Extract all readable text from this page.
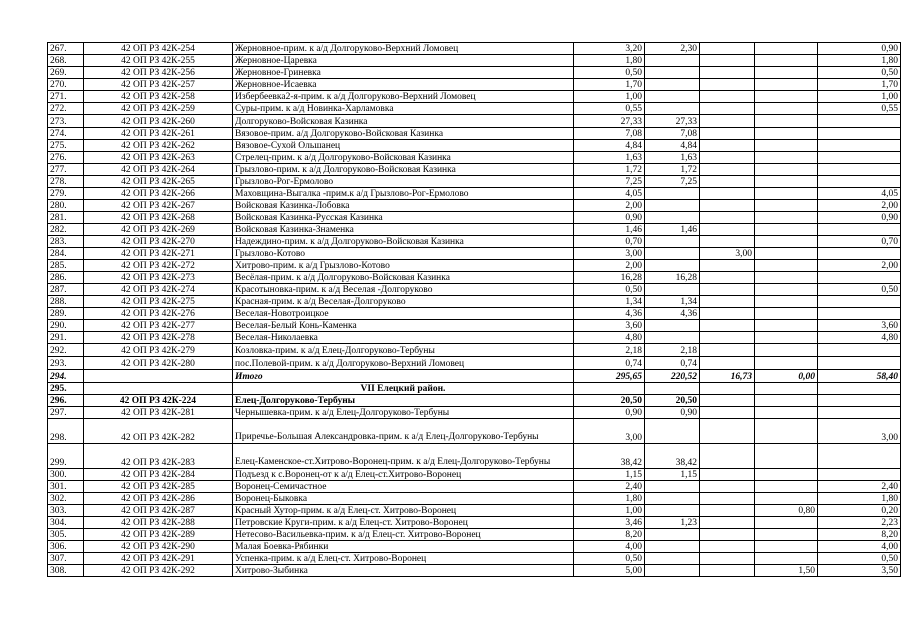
267.	42 ОП РЗ 42К-254	Жерновное-прим. к а/д Долгоруково-Верхний Ломовец	3,20	2,30			0,90
268.	42 ОП РЗ 42К-255	Жерновное-Царевка	1,80				1,80
269.	42 ОП РЗ 42К-256	Жерновное-Гриневка	0,50				0,50
270.	42 ОП РЗ 42К-257	Жерновное-Исаевка	1,70				1,70
271.	42 ОП РЗ 42К-258	Избербеевка2-я-прим. к а/д Долгоруково-Верхний Ломовец	1,00				1,00
272.	42 ОП РЗ 42К-259	Суры-прим. к а/д Новинка-Харламовка	0,55				0,55
273.	42 ОП РЗ 42К-260	Долгоруково-Войсковая Казинка	27,33	27,33			
274.	42 ОП РЗ 42К-261	Вязовое-прим. а/д Долгоруково-Войсковая Казинка	7,08	7,08			
275.	42 ОП РЗ 42К-262	Вязовое-Сухой Ольшанец	4,84	4,84			
276.	42 ОП РЗ 42К-263	Стрелец-прим. к а/д Долгоруково-Войсковая Казинка	1,63	1,63			
277.	42 ОП РЗ 42К-264	Грызлово-прим. к а/д Долгоруково-Войсковая Казинка	1,72	1,72			
278.	42 ОП РЗ 42К-265	Грызлово-Рог-Ермолово	7,25	7,25			
279.	42 ОП РЗ 42К-266	Маховщина-Выгалка -прим.к а/д Грызлово-Рог-Ермолово	4,05				4,05
280.	42 ОП РЗ 42К-267	Войсковая Казинка-Лобовка	2,00				2,00
281.	42 ОП РЗ 42К-268	Войсковая Казинка-Русская Казинка	0,90				0,90
282.	42 ОП РЗ 42К-269	Войсковая Казинка-Знаменка	1,46	1,46			
283.	42 ОП РЗ 42К-270	Надеждино-прим. к а/д Долгоруково-Войсковая Казинка	0,70				0,70
284.	42 ОП РЗ 42К-271	Грызлово-Котово	3,00		3,00		
285.	42 ОП РЗ 42К-272	Хитрово-прим. к а/д Грызлово-Котово	2,00				2,00
286.	42 ОП РЗ 42К-273	Весёлая-прим. к а/д Долгоруково-Войсковая Казинка	16,28	16,28			
287.	42 ОП РЗ 42К-274	Красотыновка-прим. к а/д Веселая -Долгоруково	0,50				0,50
288.	42 ОП РЗ 42К-275	Красная-прим. к а/д Веселая-Долгоруково	1,34	1,34			
289.	42 ОП РЗ 42К-276	Веселая-Новотроицкое	4,36	4,36			
290.	42 ОП РЗ 42К-277	Веселая-Белый Конь-Каменка	3,60				3,60
291.	42 ОП РЗ 42К-278	Веселая-Николаевка	4,80				4,80
292.	42 ОП РЗ 42К-279	Козловка-прим. к а/д Елец-Долгоруково-Тербуны	2,18	2,18			
293.	42 ОП РЗ 42К-280	пос.Полевой-прим. к а/д Долгоруково-Верхний Ломовец	0,74	0,74			
294.		Итого	295,65	220,52	16,73	0,00	58,40
295.		VII Елецкий район.					
296.	42 ОП РЗ 42К-224	Елец-Долгоруково-Тербуны	20,50	20,50			
297.	42 ОП РЗ 42К-281	Чернышевка-прим. к а/д Елец-Долгоруково-Тербуны	0,90	0,90			
298.	42 ОП РЗ 42К-282	Приречье-Большая Александровка-прим. к а/д Елец-Долгоруково-Тербуны	3,00				3,00
299.	42 ОП РЗ 42К-283	Елец-Каменское-ст.Хитрово-Воронец-прим. к а/д Елец-Долгоруково-Тербуны	38,42	38,42			
300.	42 ОП РЗ 42К-284	Подъезд к с.Воронец-от к а/д Елец-ст.Хитрово-Воронец	1,15	1,15			
301.	42 ОП РЗ 42К-285	Воронец-Семичастное	2,40				2,40
302.	42 ОП РЗ 42К-286	Воронец-Быковка	1,80				1,80
303.	42 ОП РЗ 42К-287	Красный Хутор-прим. к а/д Елец-ст. Хитрово-Воронец	1,00			0,80	0,20
304.	42 ОП РЗ 42К-288	Петровские Круги-прим. к а/д Елец-ст. Хитрово-Воронец	3,46	1,23			2,23
305.	42 ОП РЗ 42К-289	Нетесово-Васильевка-прим. к а/д Елец-ст. Хитрово-Воронец	8,20				8,20
306.	42 ОП РЗ 42К-290	Малая Боевка-Рябинки	4,00				4,00
307.	42 ОП РЗ 42К-291	Успенка-прим. к а/д Елец-ст. Хитрово-Воронец	0,50				0,50
308.	42 ОП РЗ 42К-292	Хитрово-Зыбинка	5,00			1,50	3,50
